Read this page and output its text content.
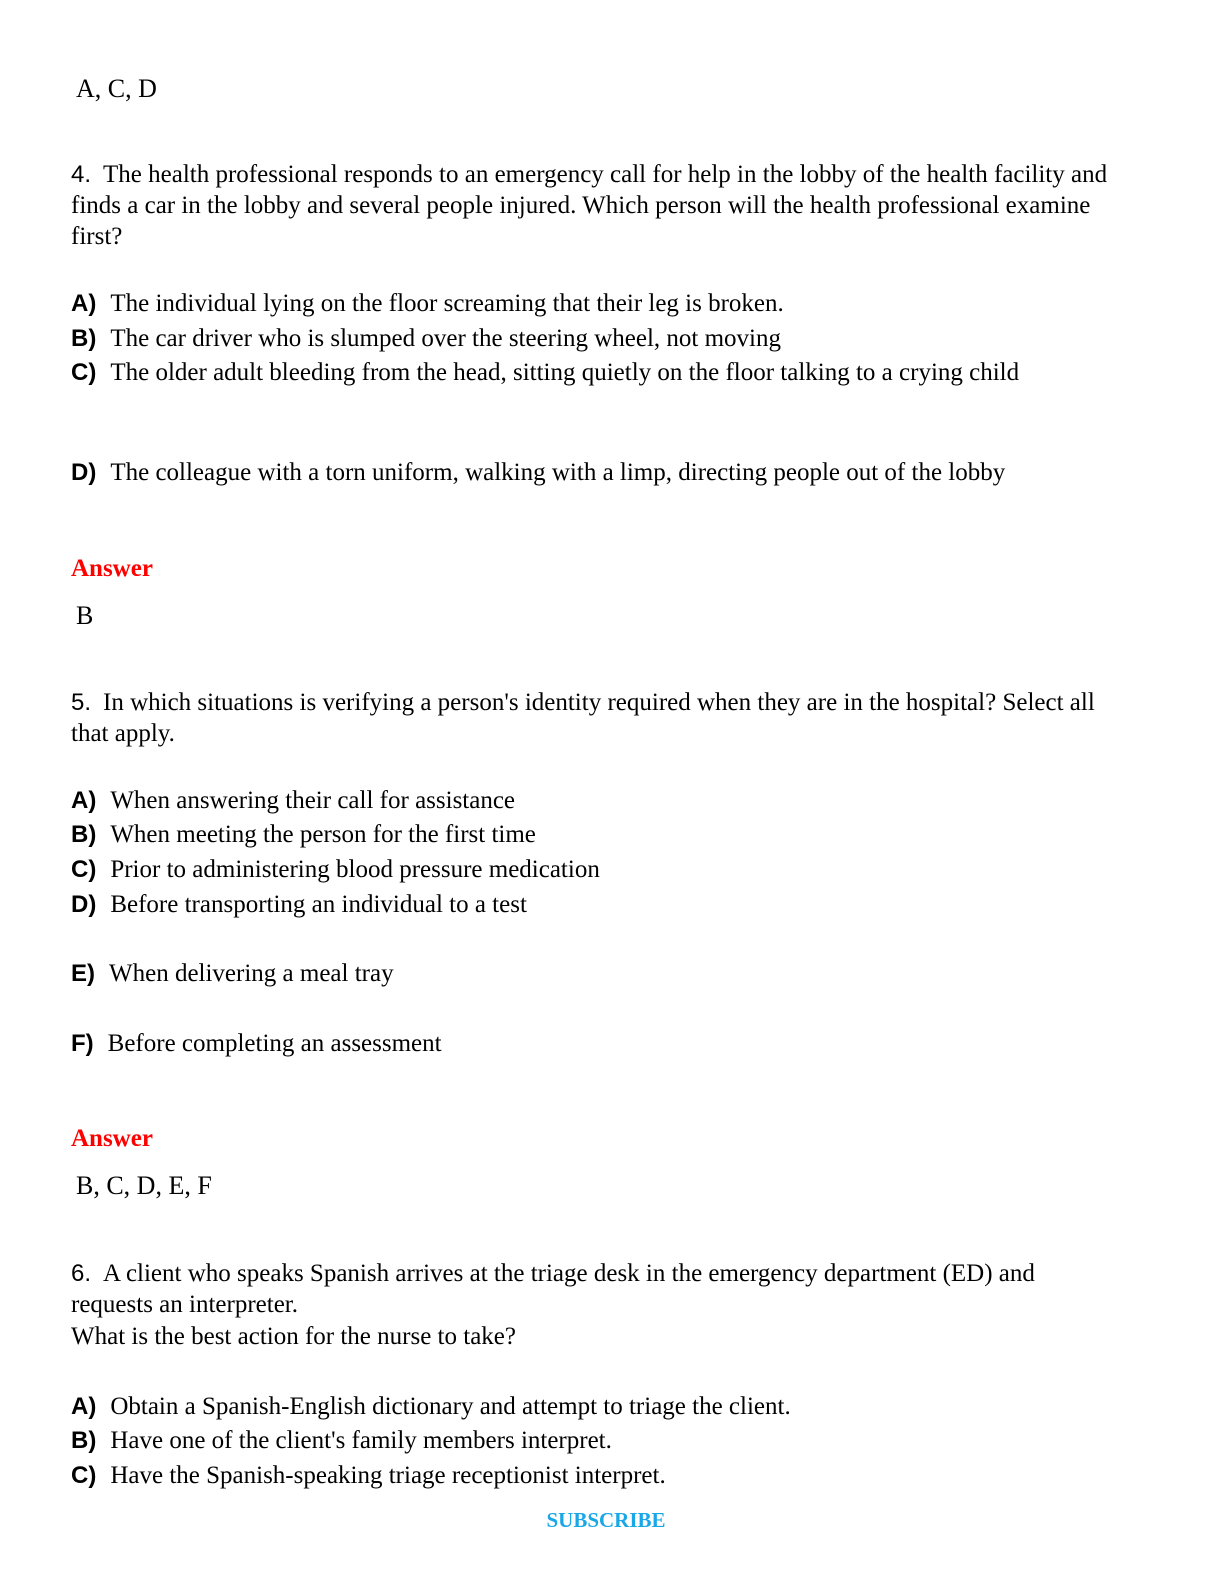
A, C, D
4. The health professional responds to an emergency call for help in the lobby of the health facility and finds a car in the lobby and several people injured. Which person will the health professional examine first?
A) The individual lying on the floor screaming that their leg is broken.
B) The car driver who is slumped over the steering wheel, not moving
C) The older adult bleeding from the head, sitting quietly on the floor talking to a crying child
D) The colleague with a torn uniform, walking with a limp, directing people out of the lobby
Answer
B
5. In which situations is verifying a person's identity required when they are in the hospital? Select all that apply.
A) When answering their call for assistance
B) When meeting the person for the first time
C) Prior to administering blood pressure medication
D) Before transporting an individual to a test
E) When delivering a meal tray
F) Before completing an assessment
Answer
B, C, D, E, F
6. A client who speaks Spanish arrives at the triage desk in the emergency department (ED) and requests an interpreter.
What is the best action for the nurse to take?
A) Obtain a Spanish-English dictionary and attempt to triage the client.
B) Have one of the client's family members interpret.
C) Have the Spanish-speaking triage receptionist interpret.
SUBSCRIBE
